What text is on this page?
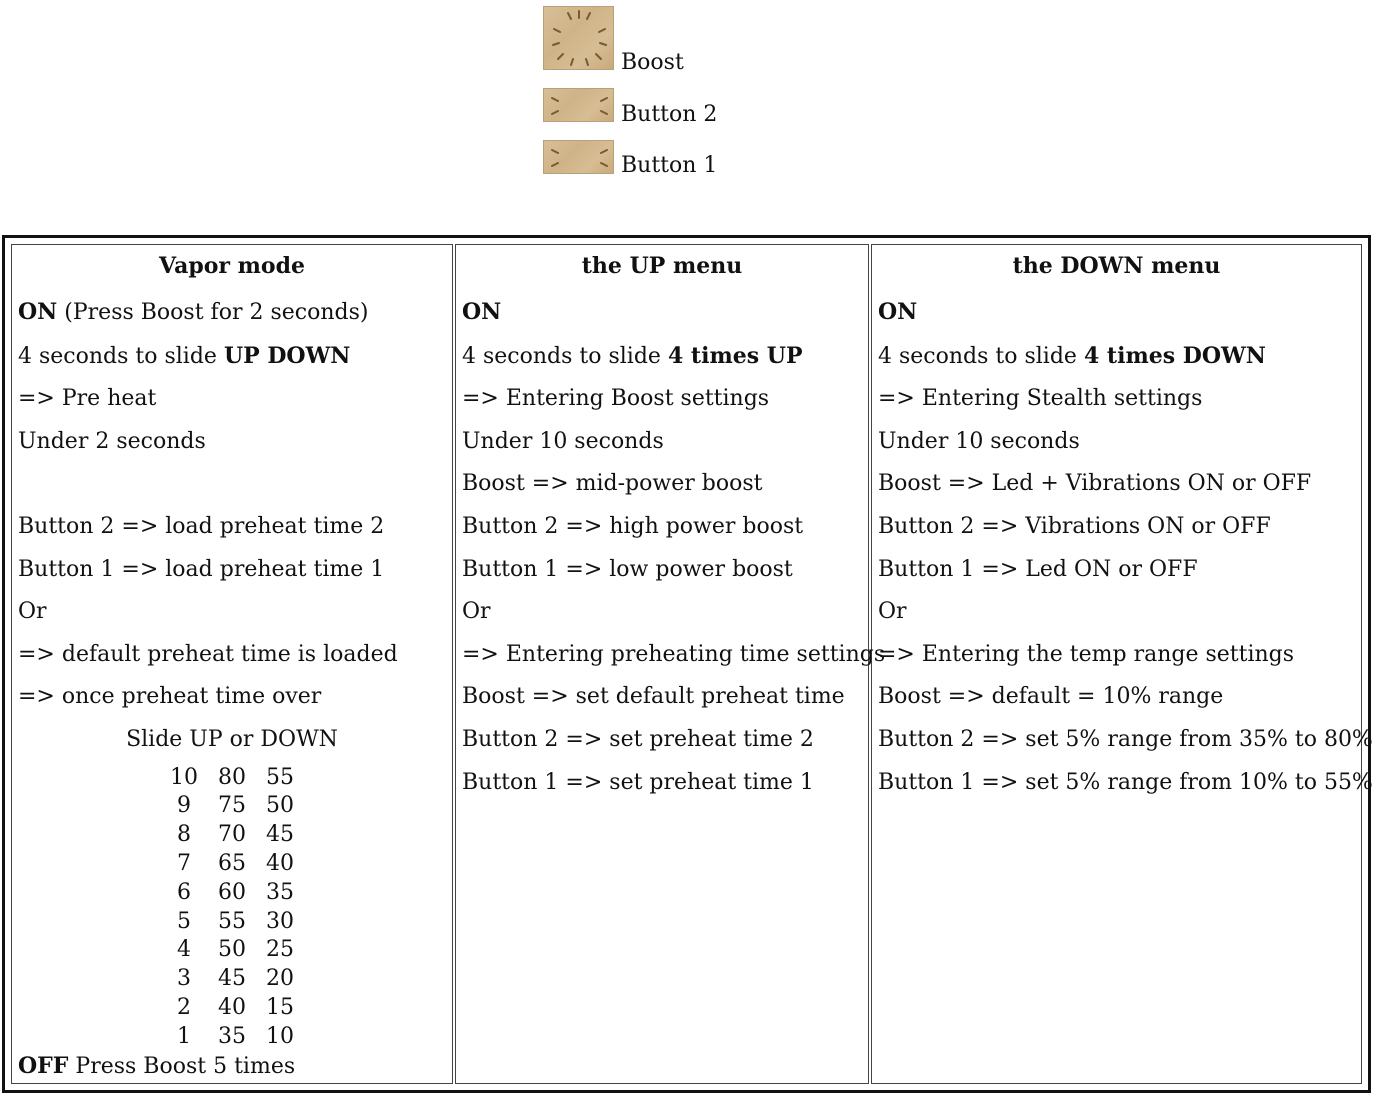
Boost
Button 2
Button 1
Vapor mode
ON (Press Boost for 2 seconds)
4 seconds to slide UP DOWN
=> Pre heat
Under 2 seconds

Button 2 => load preheat time 2
Button 1 => load preheat time 1
Or
=> default preheat time is loaded
=> once preheat time over
Slide UP or DOWN
10	80	55
9	75	50
8	70	45
7	65	40
6	60	35
5	55	30
4	50	25
3	45	20
2	40	15
1	35	10
OFF Press Boost 5 times

the UP menu
ON
4 seconds to slide 4 times UP
=> Entering Boost settings
Under 10 seconds
Boost => mid-power boost
Button 2 => high power boost
Button 1 => low power boost
Or
=> Entering preheating time settings
Boost => set default preheat time
Button 2 => set preheat time 2
Button 1 => set preheat time 1

the DOWN menu
ON
4 seconds to slide 4 times DOWN
=> Entering Stealth settings
Under 10 seconds
Boost => Led + Vibrations ON or OFF
Button 2 => Vibrations ON or OFF
Button 1 => Led ON or OFF
Or
=> Entering the temp range settings
Boost => default = 10% range
Button 2 => set 5% range from 35% to 80%
Button 1 => set 5% range from 10% to 55%
